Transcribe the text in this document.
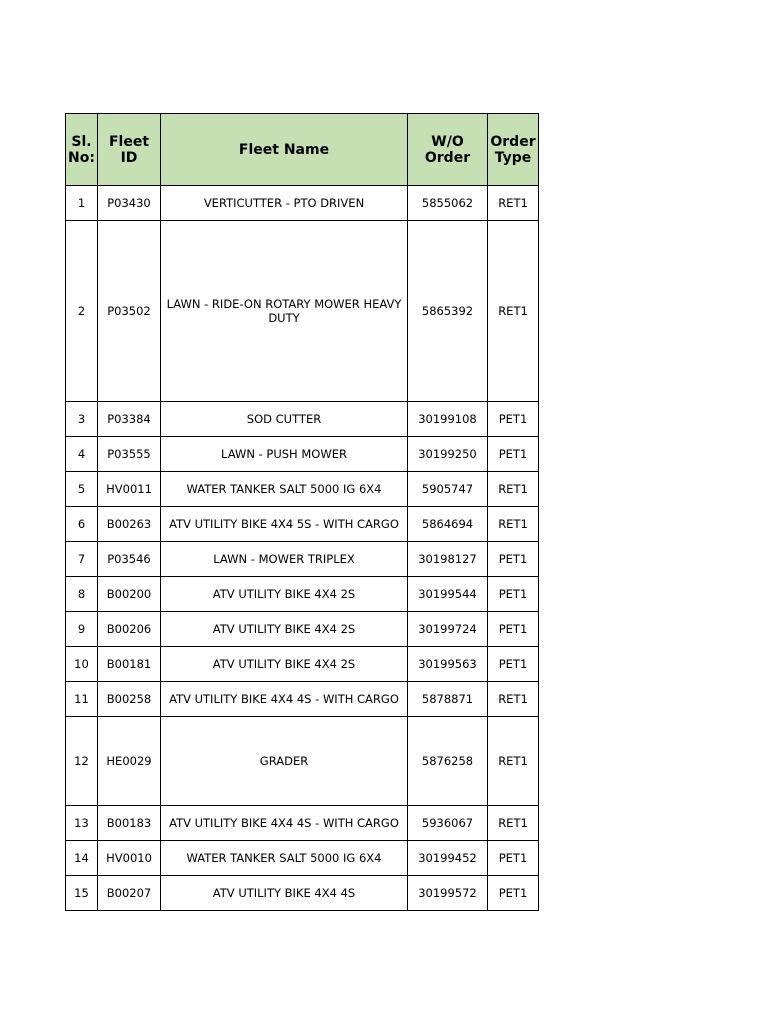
Sl. No:	Fleet ID	Fleet Name	W/O Order	Order Type
1	P03430	VERTICUTTER - PTO DRIVEN	5855062	RET1
2	P03502	LAWN - RIDE-ON ROTARY MOWER HEAVY DUTY	5865392	RET1
3	P03384	SOD CUTTER	30199108	PET1
4	P03555	LAWN - PUSH MOWER	30199250	PET1
5	HV0011	WATER TANKER SALT 5000 IG 6X4	5905747	RET1
6	B00263	ATV UTILITY BIKE 4X4 5S - WITH CARGO	5864694	RET1
7	P03546	LAWN - MOWER TRIPLEX	30198127	PET1
8	B00200	ATV UTILITY BIKE 4X4 2S	30199544	PET1
9	B00206	ATV UTILITY BIKE 4X4 2S	30199724	PET1
10	B00181	ATV UTILITY BIKE 4X4 2S	30199563	PET1
11	B00258	ATV UTILITY BIKE 4X4 4S - WITH CARGO	5878871	RET1
12	HE0029	GRADER	5876258	RET1
13	B00183	ATV UTILITY BIKE 4X4 4S - WITH CARGO	5936067	RET1
14	HV0010	WATER TANKER SALT 5000 IG 6X4	30199452	PET1
15	B00207	ATV UTILITY BIKE 4X4 4S	30199572	PET1
